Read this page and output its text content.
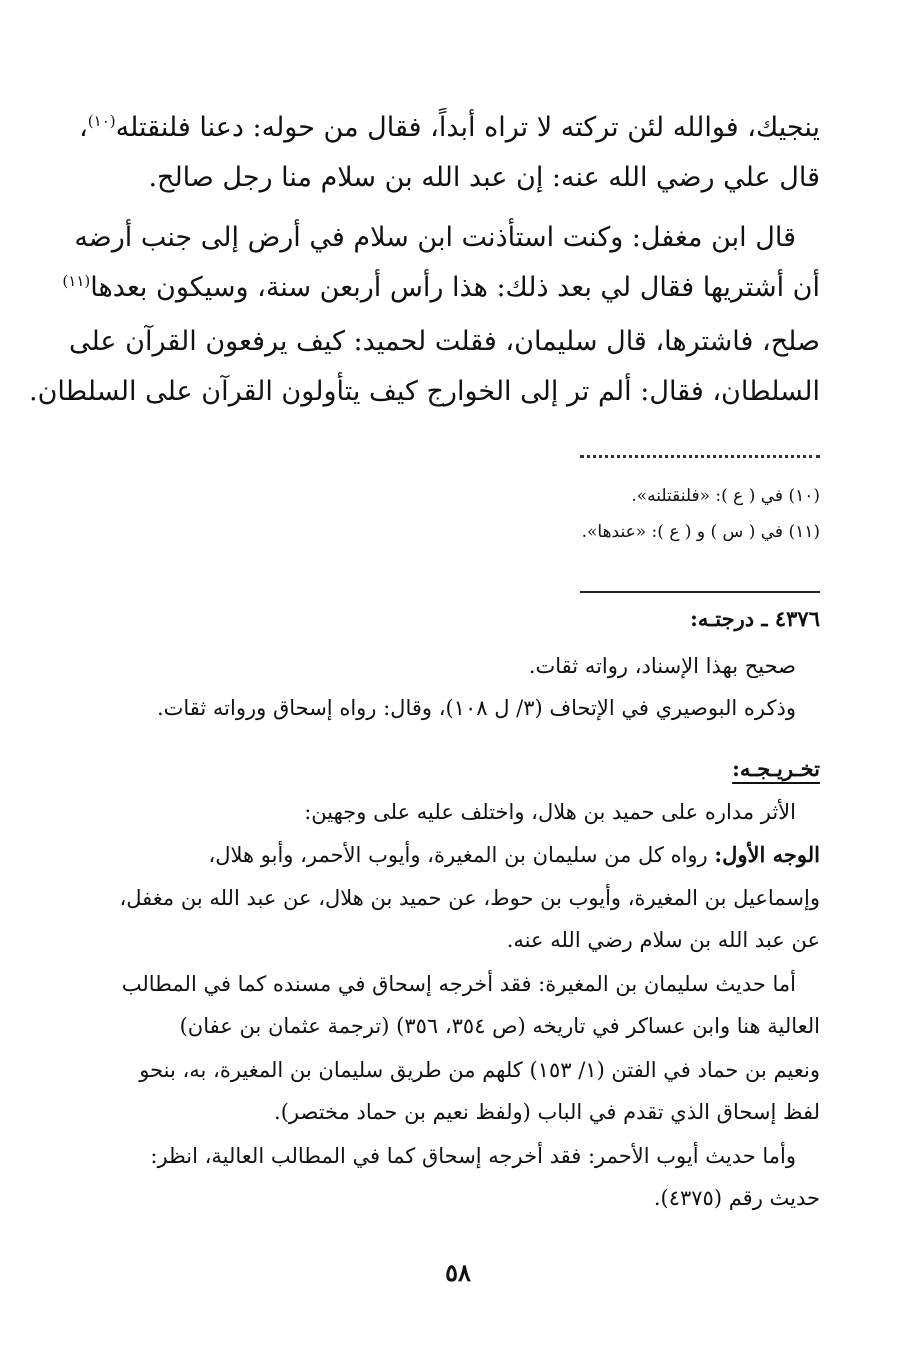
ينجيك، فوالله لئن تركته لا تراه أبداً، فقال من حوله: دعنا فلنقتله$^{(١٠)}$،
قال علي رضي الله عنه: إن عبد الله بن سلام منا رجل صالح.
قال ابن مغفل: وكنت استأذنت ابن سلام في أرض إلى جنب أرضه
أن أشتريها فقال لي بعد ذلك: هذا رأس أربعن سنة، وسيكون بعدها$^{(١١)}$
صلح، فاشترها، قال سليمان، فقلت لحميد: كيف يرفعون القرآن على
السلطان، فقال: ألم تر إلى الخوارج كيف يتأولون القرآن على السلطان.
(١٠) في ( ع ): «فلنقتلنه».
(١١) في ( س ) و ( ع ): «عندها».
٤٣٧٦ ـ درجتـه:
صحيح بهذا الإسناد، رواته ثقات.
وذكره البوصيري في الإتحاف (٣/ ل ١٠٨)، وقال: رواه إسحاق ورواته ثقات.
تخـريـجـه:
الأثر مداره على حميد بن هلال، واختلف عليه على وجهين:
الوجه الأول: رواه كل من سليمان بن المغيرة، وأيوب الأحمر، وأبو هلال،
وإسماعيل بن المغيرة، وأيوب بن حوط، عن حميد بن هلال، عن عبد الله بن مغفل،
عن عبد الله بن سلام رضي الله عنه.
أما حديث سليمان بن المغيرة: فقد أخرجه إسحاق في مسنده كما في المطالب
العالية هنا وابن عساكر في تاريخه (ص ٣٥٤، ٣٥٦) (ترجمة عثمان بن عفان)
ونعيم بن حماد في الفتن (١/ ١٥٣) كلهم من طريق سليمان بن المغيرة، به، بنحو
لفظ إسحاق الذي تقدم في الباب (ولفظ نعيم بن حماد مختصر).
وأما حديث أيوب الأحمر: فقد أخرجه إسحاق كما في المطالب العالية، انظر:
حديث رقم (٤٣٧٥).
٥٨
